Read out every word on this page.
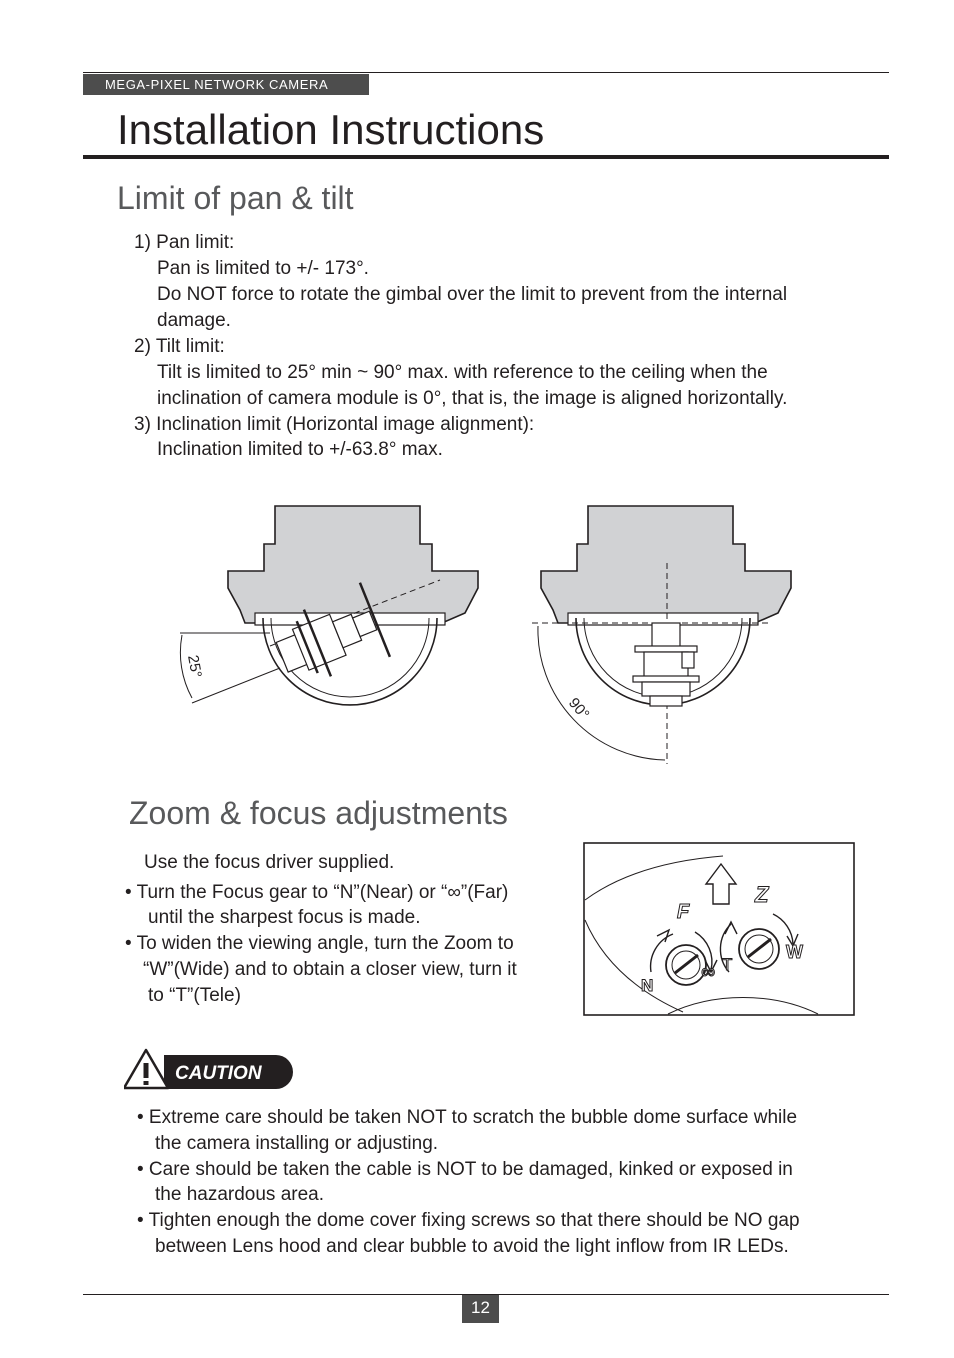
MEGA-PIXEL NETWORK CAMERA
Installation Instructions
Limit of pan & tilt
1) Pan limit:
Pan is limited to +/- 173°.
Do NOT force to rotate the gimbal over the limit to prevent from the internal
damage.
2) Tilt limit:
Tilt is limited to 25° min ~ 90° max. with reference to the ceiling when the
inclination of camera module is 0°, that is, the image is aligned horizontally.
3) Inclination limit (Horizontal image alignment):
Inclination limited to +/-63.8° max.
25°
90°
Zoom & focus adjustments
Use the focus driver supplied.
• Turn the Focus gear to “N”(Near) or “∞”(Far)
until the sharpest focus is made.
• To widen the viewing angle, turn the Zoom to
“W”(Wide) and to obtain a closer view, turn it
to “T”(Tele)
F
Z
N
∞ T
W
CAUTION
• Extreme care should be taken NOT to scratch the bubble dome surface while
the camera installing or adjusting.
• Care should be taken the cable is NOT to be damaged, kinked or exposed in
the hazardous area.
• Tighten enough the dome cover fixing screws so that there should be NO gap
between Lens hood and clear bubble to avoid the light inflow from IR LEDs.
12
